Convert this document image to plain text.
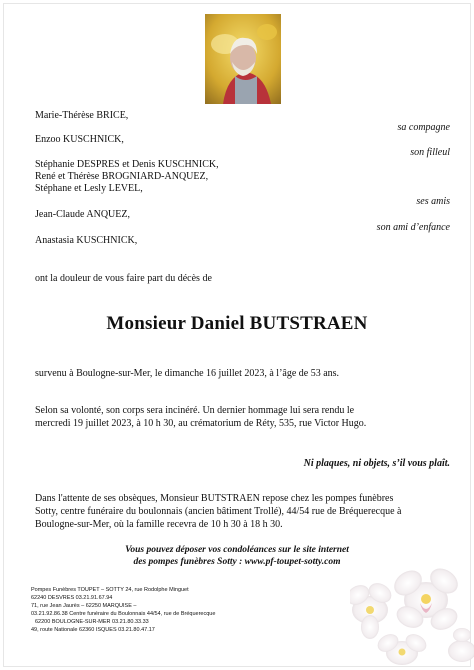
Marie-Thérèse BRICE,
sa compagne
Enzoo KUSCHNICK,
son filleul
Stéphanie DESPRES et Denis KUSCHNICK,
René et Thérèse BROGNIARD-ANQUEZ,
Stéphane et Lesly LEVEL,
ses amis
Jean-Claude ANQUEZ,
son ami d’enfance
Anastasia KUSCHNICK,
ont la douleur de vous faire part du décès de
Monsieur Daniel BUTSTRAEN
survenu à Boulogne-sur-Mer, le dimanche 16 juillet 2023, à l’âge de 53 ans.
Selon sa volonté, son corps sera incinéré. Un dernier hommage lui sera rendu le
mercredi 19 juillet 2023, à 10 h 30, au crématorium de Réty, 535, rue Victor Hugo.
Ni plaques, ni objets, s’il vous plaît.
Dans l'attente de ses obsèques, Monsieur BUTSTRAEN repose chez les pompes funèbres
Sotty, centre funéraire du boulonnais (ancien bâtiment Trollé), 44/54 rue de Bréquerecque à
Boulogne-sur-Mer, où la famille recevra de 10 h 30 à 18 h 30.
Vous pouvez déposer vos condoléances sur le site internet
des pompes funèbres Sotty : www.pf-toupet-sotty.com
Pompes Funèbres TOUPET – SOTTY 24, rue Rodolphe Minguet
62240 DESVRES 03.21.91.67.94
71, rue Jean Jaurès – 62250 MARQUISE –
03.21.92.86.38 Centre funéraire du Boulonnais 44/54, rue de Bréquerecque
62200 BOULOGNE-SUR-MER 03.21.80.33.33
49, route Nationale 62360 ISQUES 03.21.80.47.17
